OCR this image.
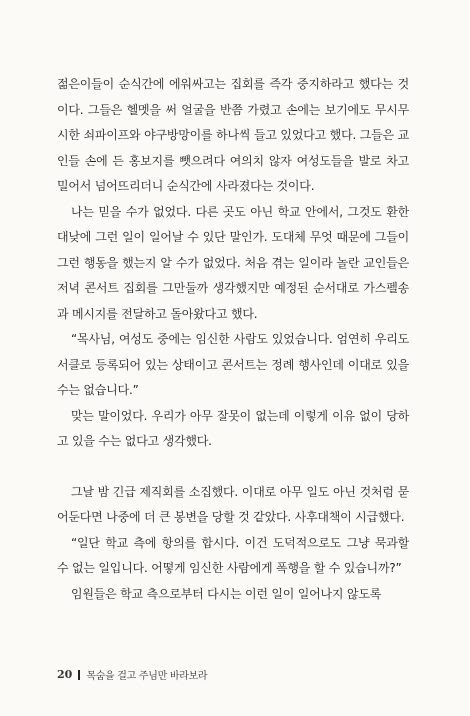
젊은이들이 순식간에 에워싸고는 집회를 즉각 중지하라고 했다는 것이다. 그들은 헬멧을 써 얼굴을 반쯤 가렸고 손에는 보기에도 무시무시한 쇠파이프와 야구방망이를 하나씩 들고 있었다고 했다. 그들은 교인들 손에 든 홍보지를 뺏으려다 여의치 않자 여성도들을 발로 차고 밀어서 넘어뜨리더니 순식간에 사라졌다는 것이다.

나는 믿을 수가 없었다. 다른 곳도 아닌 학교 안에서, 그것도 환한 대낮에 그런 일이 일어날 수 있단 말인가. 도대체 무엇 때문에 그들이 그런 행동을 했는지 알 수가 없었다. 처음 겪는 일이라 놀란 교인들은 저녁 콘서트 집회를 그만둘까 생각했지만 예정된 순서대로 가스펠송과 메시지를 전달하고 돌아왔다고 했다.

“목사님, 여성도 중에는 임신한 사람도 있었습니다. 엄연히 우리도 서클로 등록되어 있는 상태이고 콘서트는 정례 행사인데 이대로 있을 수는 없습니다.”

맞는 말이었다. 우리가 아무 잘못이 없는데 이렇게 이유 없이 당하고 있을 수는 없다고 생각했다.

그날 밤 긴급 제직회를 소집했다. 이대로 아무 일도 아닌 것처럼 묻어둔다면 나중에 더 큰 봉변을 당할 것 같았다. 사후대책이 시급했다.

“일단 학교 측에 항의를 합시다. 이건 도덕적으로도 그냥 묵과할 수 없는 일입니다. 어떻게 임신한 사람에게 폭행을 할 수 있습니까?”

임원들은 학교 측으로부터 다시는 이런 일이 일어나지 않도록

20 목숨을 걸고 주님만 바라보라
